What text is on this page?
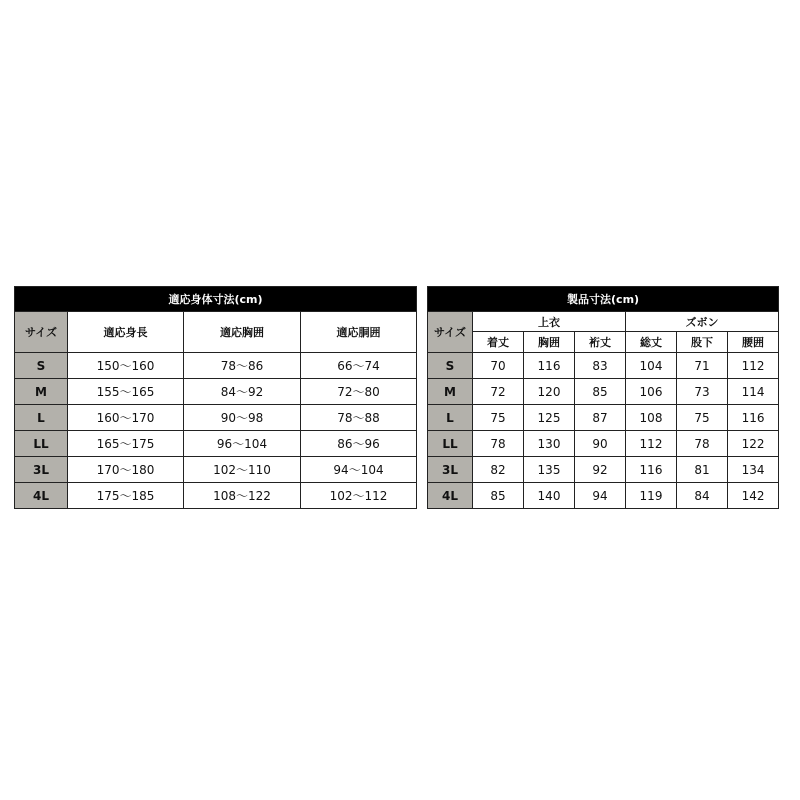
適応身体寸法(cm)			
サイズ	適応身長	適応胸囲	適応胴囲
S	150〜160	78〜86	66〜74
M	155〜165	84〜92	72〜80
L	160〜170	90〜98	78〜88
LL	165〜175	96〜104	86〜96
3L	170〜180	102〜110	94〜104
4L	175〜185	108〜122	102〜112
製品寸法(cm)						
サイズ	上衣			ズボン		
	着丈	胸囲	裄丈	総丈	股下	腰囲
S	70	116	83	104	71	112
M	72	120	85	106	73	114
L	75	125	87	108	75	116
LL	78	130	90	112	78	122
3L	82	135	92	116	81	134
4L	85	140	94	119	84	142
